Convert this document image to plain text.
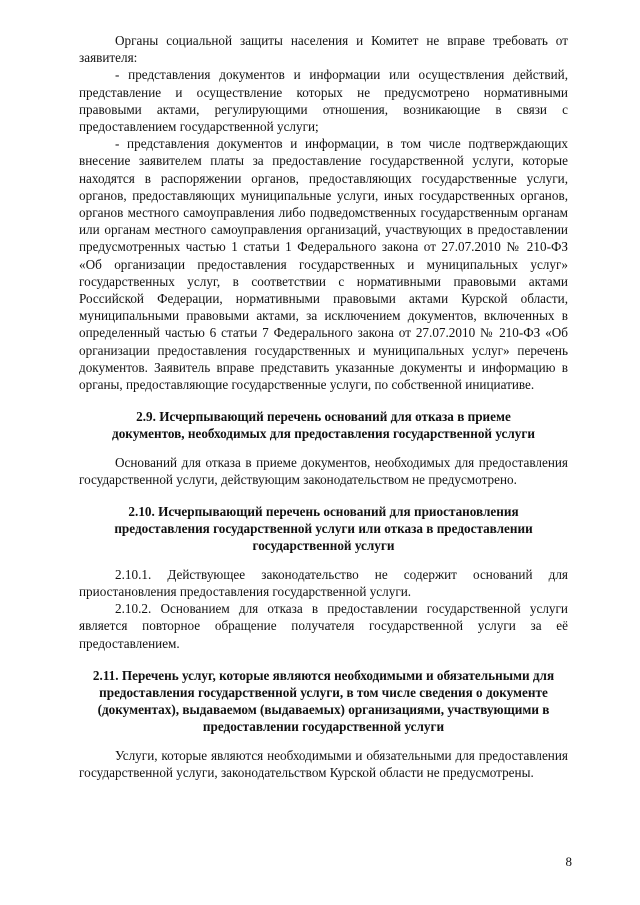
Органы социальной защиты населения и Комитет не вправе требовать от заявителя:

- представления документов и информации или осуществления действий, представление и осуществление которых не предусмотрено нормативными правовыми актами, регулирующими отношения, возникающие в связи с предоставлением государственной услуги;

- представления документов и информации, в том числе подтверждающих внесение заявителем платы за предоставление государственной услуги, которые находятся в распоряжении органов, предоставляющих государственные услуги, органов, предоставляющих муниципальные услуги, иных государственных органов, органов местного самоуправления либо подведомственных государственным органам или органам местного самоуправления организаций, участвующих в предоставлении предусмотренных частью 1 статьи 1 Федерального закона от 27.07.2010 № 210-ФЗ «Об организации предоставления государственных и муниципальных услуг» государственных услуг, в соответствии с нормативными правовыми актами Российской Федерации, нормативными правовыми актами Курской области, муниципальными правовыми актами, за исключением документов, включенных в определенный частью 6 статьи 7 Федерального закона от 27.07.2010 № 210-ФЗ «Об организации предоставления государственных и муниципальных услуг» перечень документов. Заявитель вправе представить указанные документы и информацию в органы, предоставляющие государственные услуги, по собственной инициативе.

2.9. Исчерпывающий перечень оснований для отказа в приеме документов, необходимых для предоставления государственной услуги

Оснований для отказа в приеме документов, необходимых для предоставления государственной услуги, действующим законодательством не предусмотрено.

2.10. Исчерпывающий перечень оснований для приостановления предоставления государственной услуги или отказа в предоставлении государственной услуги

2.10.1. Действующее законодательство не содержит оснований для приостановления предоставления государственной услуги.

2.10.2. Основанием для отказа в предоставлении государственной услуги является повторное обращение получателя государственной услуги за её предоставлением.

2.11. Перечень услуг, которые являются необходимыми и обязательными для предоставления государственной услуги, в том числе сведения о документе (документах), выдаваемом (выдаваемых) организациями, участвующими в предоставлении государственной услуги

Услуги, которые являются необходимыми и обязательными для предоставления государственной услуги, законодательством Курской области не предусмотрены.

8
